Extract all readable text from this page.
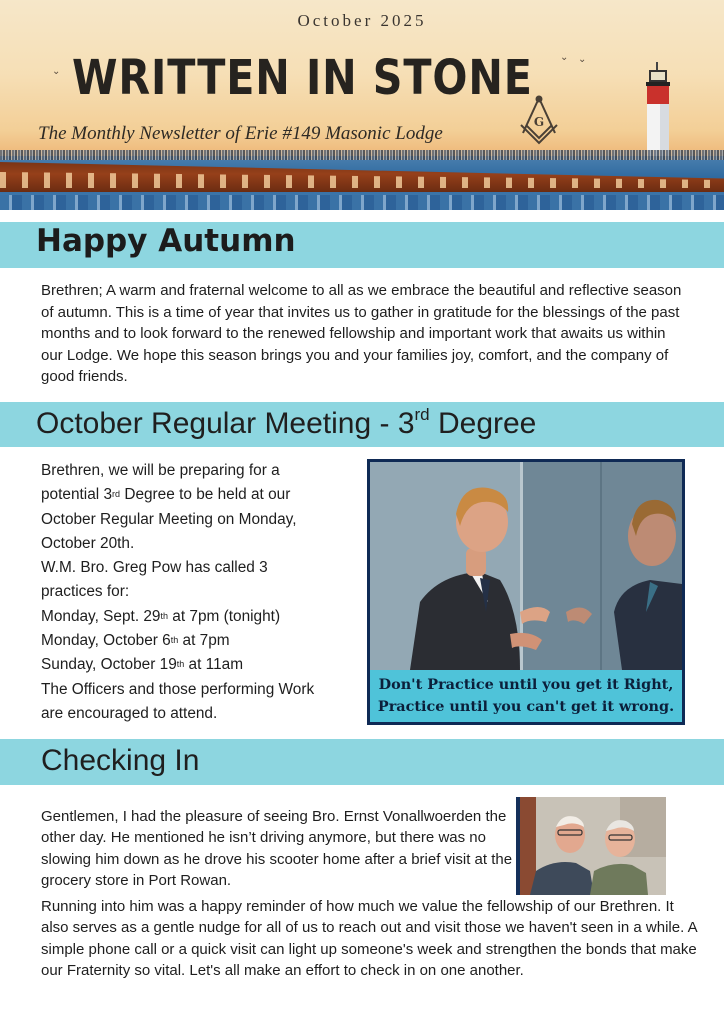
October 2025
WRITTEN IN STONE
The Monthly Newsletter of Erie #149 Masonic Lodge
G
⌄
⌄ ⌄
Happy Autumn
Brethren; A warm and fraternal welcome to all as we embrace the beautiful and reflective season of autumn. This is a time of year that invites us to gather in gratitude for the blessings of the past months and to look forward to the renewed fellowship and important work that awaits us within our Lodge. We hope this season brings you and your families joy, comfort, and the company of good friends.
October Regular Meeting - 3rd Degree
Brethren, we will be preparing for a
potential 3rd Degree to be held at our
October Regular Meeting on Monday,
October 20th.
W.M. Bro. Greg Pow has called 3
practices for:
Monday, Sept. 29th at 7pm (tonight)
Monday, October 6th at 7pm
Sunday, October 19th at 11am
The Officers and those performing Work
are encouraged to attend.
Don't Practice until you get it Right,
Practice until you can't get it wrong.
Checking In
Gentlemen, I had the pleasure of seeing Bro. Ernst Vonallwoerden the other day. He mentioned he isn’t driving anymore, but there was no slowing him down as he drove his scooter home after a brief visit at the grocery store in Port Rowan.
Running into him was a happy reminder of how much we value the fellowship of our Brethren. It also serves as a gentle nudge for all of us to reach out and visit those we haven't seen in a while. A simple phone call or a quick visit can light up someone's week and strengthen the bonds that make our Fraternity so vital. Let's all make an effort to check in on one another.
